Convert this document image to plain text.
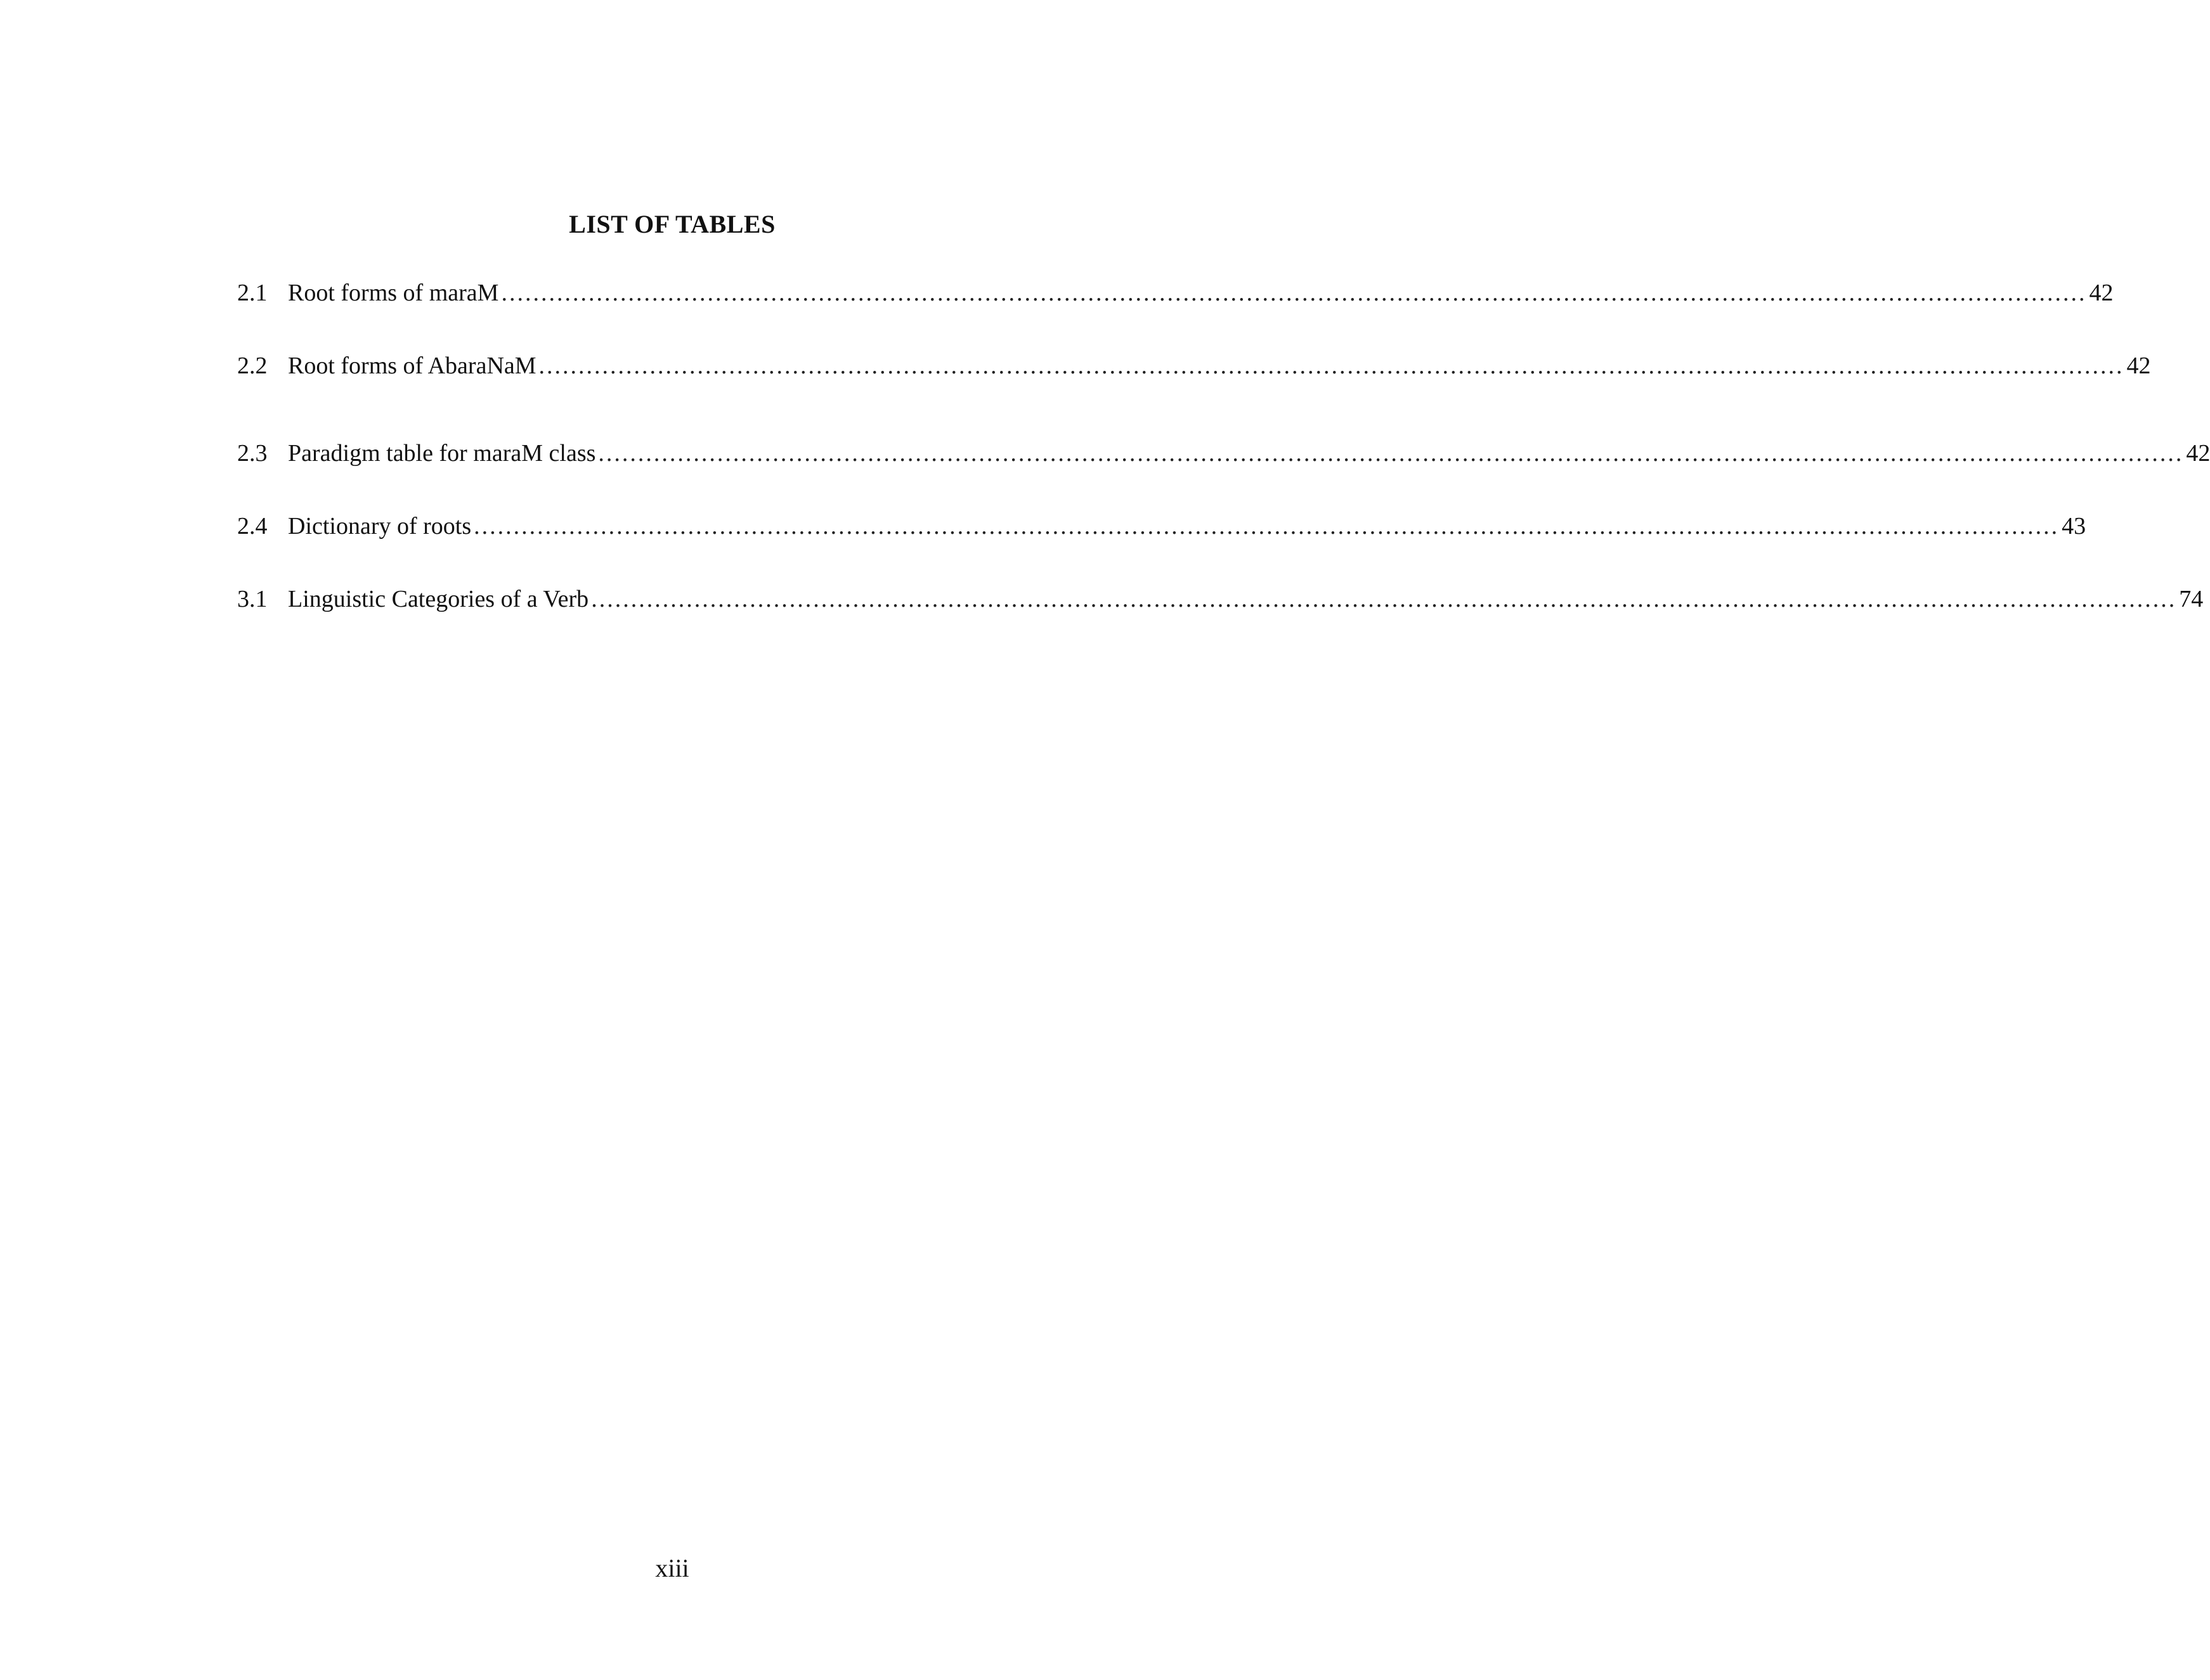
LIST OF TABLES
2.1 Root forms of maraM ........................................................................................................................................................................................................ 42
2.2 Root forms of AbaraNaM ........................................................................................................................................................................................................ 42
2.3 Paradigm table for maraM class ........................................................................................................................................................................................................ 42
2.4 Dictionary of roots ........................................................................................................................................................................................................ 43
3.1 Linguistic Categories of a Verb ........................................................................................................................................................................................................ 74
xiii
